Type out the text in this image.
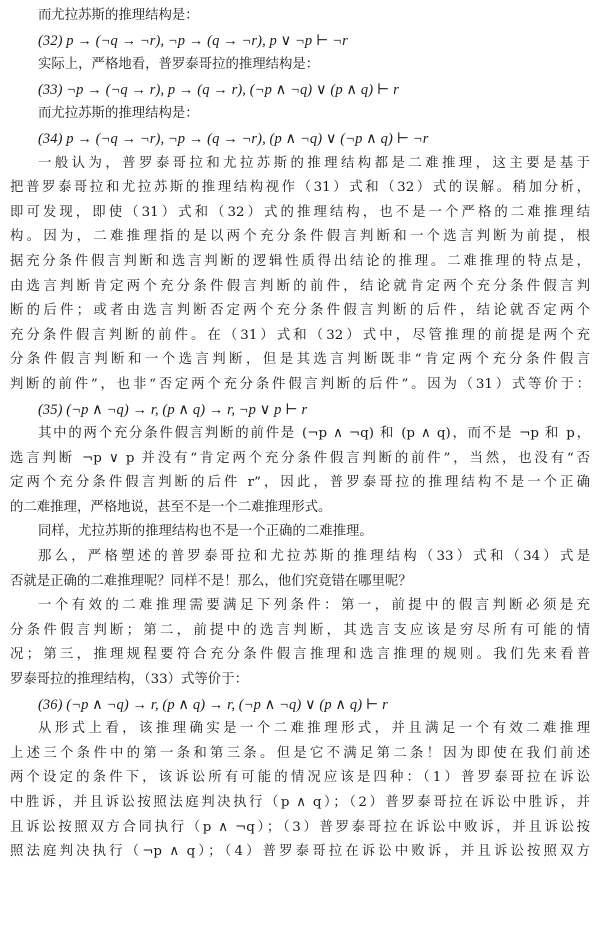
而尤拉苏斯的推理结构是：
(32) p → (¬q → ¬r), ¬p → (q → ¬r), p ∨ ¬p ⊢ ¬r
实际上，严格地看，普罗泰哥拉的推理结构是：
(33) ¬p → (¬q → r), p → (q → r), (¬p ∧ ¬q) ∨ (p ∧ q) ⊢ r
而尤拉苏斯的推理结构是：
(34) p → (¬q → ¬r), ¬p → (q → ¬r), (p ∧ ¬q) ∨ (¬p ∧ q) ⊢ ¬r
一般认为，普罗泰哥拉和尤拉苏斯的推理结构都是二难推理，这主要是基于
把普罗泰哥拉和尤拉苏斯的推理结构视作（31）式和（32）式的误解。稍加分析，
即可发现，即使（31）式和（32）式的推理结构，也不是一个严格的二难推理结
构。因为，二难推理指的是以两个充分条件假言判断和一个选言判断为前提，根
据充分条件假言判断和选言判断的逻辑性质得出结论的推理。二难推理的特点是，
由选言判断肯定两个充分条件假言判断的前件，结论就肯定两个充分条件假言判
断的后件；或者由选言判断否定两个充分条件假言判断的后件，结论就否定两个
充分条件假言判断的前件。在（31）式和（32）式中，尽管推理的前提是两个充
分条件假言判断和一个选言判断，但是其选言判断既非“肯定两个充分条件假言
判断的前件”，也非“否定两个充分条件假言判断的后件”。因为（31）式等价于：
(35) (¬p ∧ ¬q) → r, (p ∧ q) → r, ¬p ∨ p ⊢ r
其中的两个充分条件假言判断的前件是 (¬p ∧ ¬q) 和 (p ∧ q)，而不是 ¬p 和 p，
选言判断 ¬p ∨ p 并没有“肯定两个充分条件假言判断的前件”，当然，也没有“否
定两个充分条件假言判断的后件 r”，因此，普罗泰哥拉的推理结构不是一个正确
的二难推理，严格地说，甚至不是一个二难推理形式。
同样，尤拉苏斯的推理结构也不是一个正确的二难推理。
那么，严格塑述的普罗泰哥拉和尤拉苏斯的推理结构（33）式和（34）式是
否就是正确的二难推理呢？同样不是！那么，他们究竟错在哪里呢？
一个有效的二难推理需要满足下列条件：第一，前提中的假言判断必须是充
分条件假言判断；第二，前提中的选言判断，其选言支应该是穷尽所有可能的情
况；第三，推理规程要符合充分条件假言推理和选言推理的规则。我们先来看普
罗泰哥拉的推理结构，（33）式等价于：
(36) (¬p ∧ ¬q) → r, (p ∧ q) → r, (¬p ∧ ¬q) ∨ (p ∧ q) ⊢ r
从形式上看，该推理确实是一个二难推理形式，并且满足一个有效二难推理
上述三个条件中的第一条和第三条。但是它不满足第二条！因为即使在我们前述
两个设定的条件下，该诉讼所有可能的情况应该是四种：（1）普罗泰哥拉在诉讼
中胜诉，并且诉讼按照法庭判决执行（p ∧ q）；（2）普罗泰哥拉在诉讼中胜诉，并
且诉讼按照双方合同执行（p ∧ ¬q）；（3）普罗泰哥拉在诉讼中败诉，并且诉讼按
照法庭判决执行（¬p ∧ q）；（4）普罗泰哥拉在诉讼中败诉，并且诉讼按照双方
